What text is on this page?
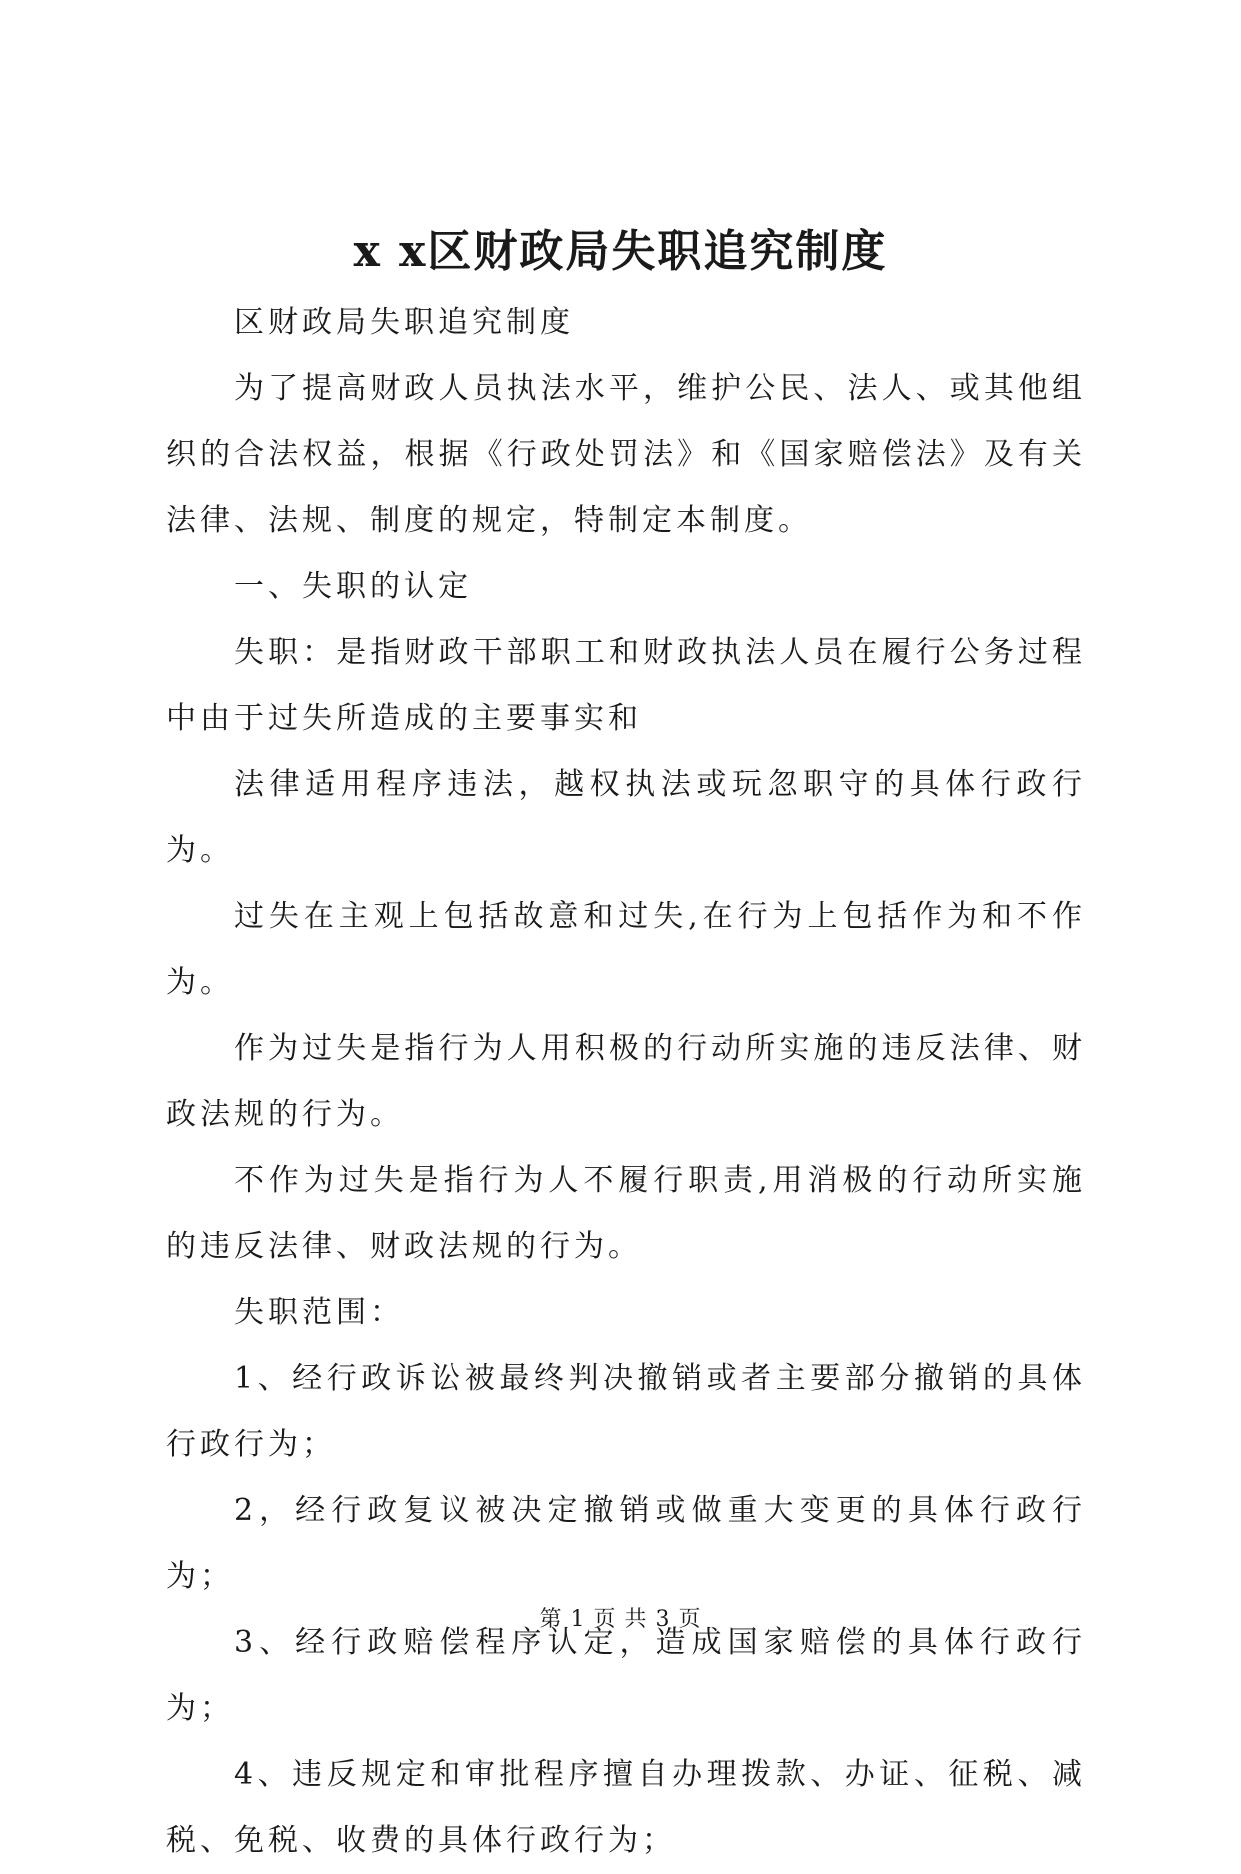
x x区财政局失职追究制度

区财政局失职追究制度

为了提高财政人员执法水平，维护公民、法人、或其他组织的合法权益，根据《行政处罚法》和《国家赔偿法》及有关法律、法规、制度的规定，特制定本制度。

一、失职的认定

失职：是指财政干部职工和财政执法人员在履行公务过程中由于过失所造成的主要事实和

法律适用程序违法，越权执法或玩忽职守的具体行政行为。

过失在主观上包括故意和过失,在行为上包括作为和不作为。

作为过失是指行为人用积极的行动所实施的违反法律、财政法规的行为。

不作为过失是指行为人不履行职责,用消极的行动所实施的违反法律、财政法规的行为。

失职范围：

1、经行政诉讼被最终判决撤销或者主要部分撤销的具体行政行为；

2，经行政复议被决定撤销或做重大变更的具体行政行为；

3、经行政赔偿程序认定，造成国家赔偿的具体行政行为；

4、违反规定和审批程序擅自办理拨款、办证、征税、减税、免税、收费的具体行政行为；

第 1 页 共 3 页
